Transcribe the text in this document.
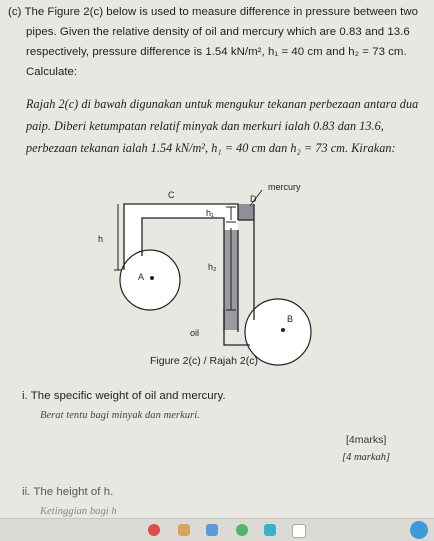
(c) The Figure 2(c) below is used to measure difference in pressure between two
pipes. Given the relative density of oil and mercury which are 0.83 and 13.6
respectively, pressure difference is 1.54 kN/m², h₁ = 40 cm and h₂ = 73 cm.
Calculate:
Rajah 2(c) di bawah digunakan untuk mengukur tekanan perbezaan antara dua
paip. Diberi ketumpatan relatif minyak dan merkuri ialah 0.83 dan 13.6,
perbezaan tekanan ialah 1.54 kN/m², h₁ = 40 cm dan h₂ = 73 cm. Kirakan:
C	D
mercury
h₁
h
h₂
A
B
oil
Figure 2(c) / Rajah 2(c)
i. The specific weight of oil and mercury.
Berat tentu bagi minyak dan merkuri.
[4marks]
[4 markah]
ii. The height of h.
Ketinggian bagi h
